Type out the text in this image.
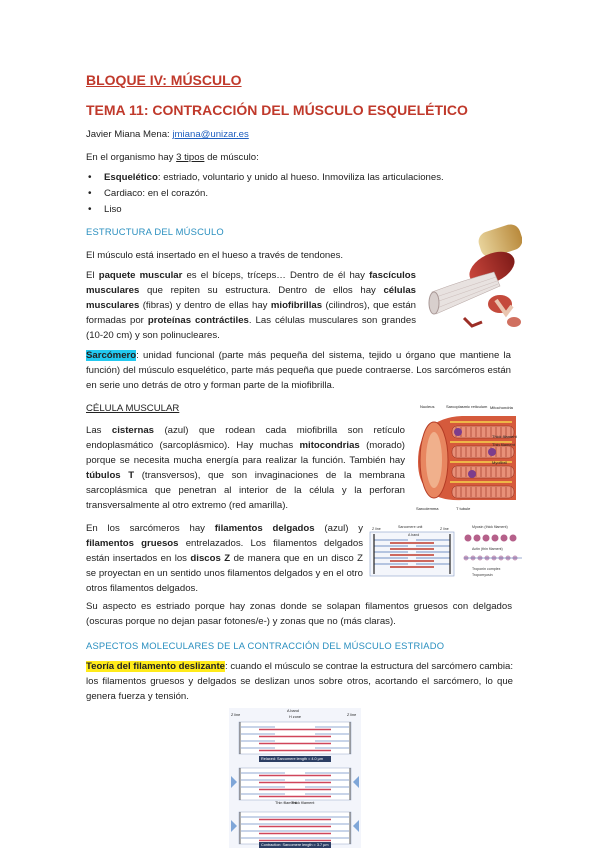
BLOQUE IV: MÚSCULO
TEMA 11: CONTRACCIÓN DEL MÚSCULO ESQUELÉTICO

Javier Miana Mena: jmiana@unizar.es

En el organismo hay 3 tipos de músculo:

• Esquelético: estriado, voluntario y unido al hueso. Inmoviliza las articulaciones.
• Cardiaco: en el corazón.
• Liso
ESTRUCTURA DEL MÚSCULO

El músculo está insertado en el hueso a través de tendones.

El paquete muscular es el bíceps, tríceps… Dentro de él hay fascículos musculares que repiten su estructura. Dentro de ellos hay células musculares (fibras) y dentro de ellas hay miofibrillas (cilindros), que están formadas por proteínas contráctiles. Las células musculares son grandes (10-20 cm) y son polinucleares.

Sarcómero: unidad funcional (parte más pequeña del sistema, tejido u órgano que mantiene la función) del músculo esquelético, parte más pequeña que puede contraerse. Los sarcómeros están en serie uno detrás de otro y forman parte de la miofibrilla.

CÉLULA MUSCULAR

Las cisternas (azul) que rodean cada miofibrilla son retículo endoplasmático (sarcoplásmico). Hay muchas mitocondrias (morado) porque se necesita mucha energía para realizar la función. También hay túbulos T (transversos), que son invaginaciones de la membrana sarcoplásmica que penetran al interior de la célula y la perforan transversalmente al otro extremo (red amarilla).

En los sarcómeros hay filamentos delgados (azul) y filamentos gruesos entrelazados. Los filamentos delgados están insertados en los discos Z de manera que en un disco Z se proyectan en un sentido unos filamentos delgados y en el otro otros filamentos delgados.

Su aspecto es estriado porque hay zonas donde se solapan filamentos gruesos con delgados (oscuras porque no dejan pasar fotones/e-) y zonas que no (más claras).

Nucleus	Sarcoplasmic reticulum Mitochondria
Thick filament
Thin filament
Myofibril
Sarcolemma	T tubule
Sarcomere unit
Z line
A band
Z line	Myosin (thick filament)
Actin (thin filament)
Troponin complex
Tropomyosin
ASPECTOS MOLECULARES DE LA CONTRACCIÓN DEL MÚSCULO ESTRIADO

Teoría del filamento deslizante: cuando el músculo se contrae la estructura del sarcómero cambia: los filamentos gruesos y delgados se deslizan unos sobre otros, acortando el sarcómero, lo que genera fuerza y tensión.

A band
H zone
Z line	Z line
Relaxed: Sarcomere length = 4.0 µm
Thin filament
Thick filament
Contraction: Sarcomere length = 3.7 µm
